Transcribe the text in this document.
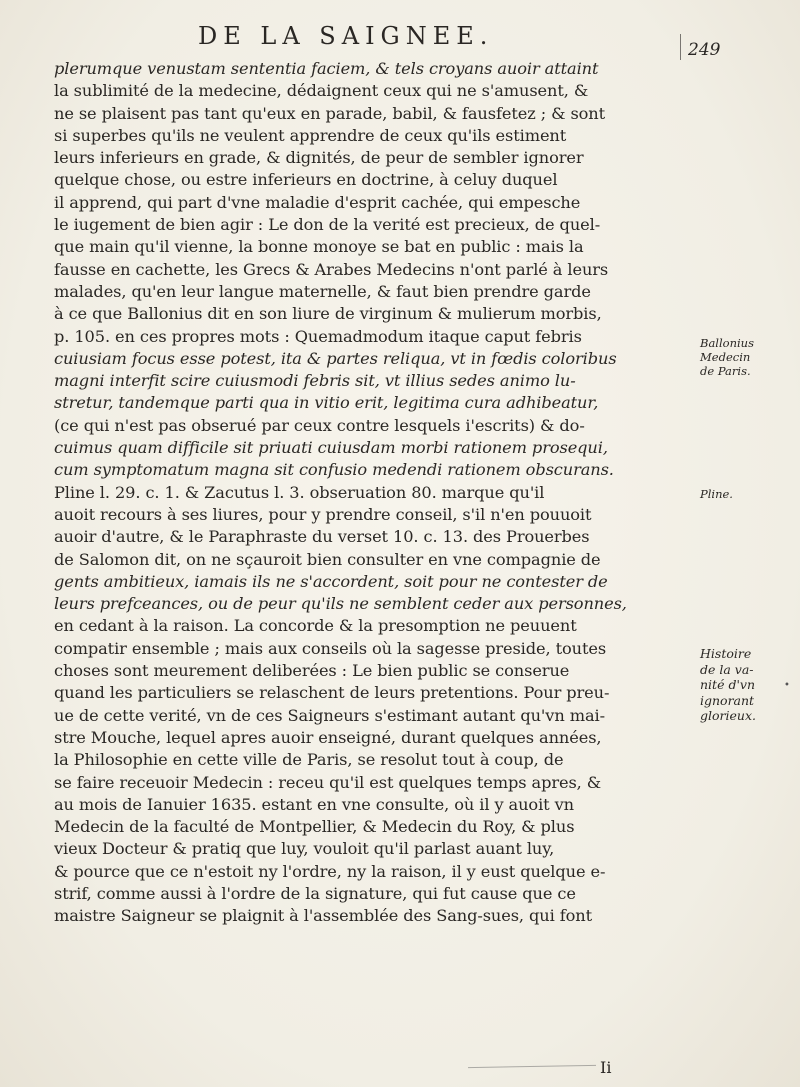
DE LA SAIGNEE.	249
plerumque venustam sententia faciem, & tels croyans auoir attaint
la sublimité de la medecine, dédaignent ceux qui ne s'amusent, &
ne se plaisent pas tant qu'eux en parade, babil, & fausfetez ; & sont
si superbes qu'ils ne veulent apprendre de ceux qu'ils estiment
leurs inferieurs en grade, & dignités, de peur de sembler ignorer
quelque chose, ou estre inferieurs en doctrine, à celuy duquel
il apprend, qui part d'vne maladie d'esprit cachée, qui empesche
le iugement de bien agir : Le don de la verité est precieux, de quel-
que main qu'il vienne, la bonne monoye se bat en public : mais la
fausse en cachette, les Grecs & Arabes Medecins n'ont parlé à leurs
malades, qu'en leur langue maternelle, & faut bien prendre garde
à ce que Ballonius dit en son liure de virginum & mulierum morbis,
p. 105. en ces propres mots : Quemadmodum itaque caput febris
cuiusiam focus esse potest, ita & partes reliqua, vt in fœdis coloribus
magni interfit scire cuiusmodi febris sit, vt illius sedes animo lu-
stretur, tandemque parti qua in vitio erit, legitima cura adhibeatur,
(ce qui n'est pas obserué par ceux contre lesquels i'escrits) & do-
cuimus quam difficile sit priuati cuiusdam morbi rationem prosequi,
cum symptomatum magna sit confusio medendi rationem obscurans.
Pline l. 29. c. 1. & Zacutus l. 3. obseruation 80. marque qu'il
auoit recours à ses liures, pour y prendre conseil, s'il n'en pouuoit
auoir d'autre, & le Paraphraste du verset 10. c. 13. des Prouerbes
de Salomon dit, on ne sçauroit bien consulter en vne compagnie de
gents ambitieux, iamais ils ne s'accordent, soit pour ne contester de
leurs prefceances, ou de peur qu'ils ne semblent ceder aux personnes,
en cedant à la raison. La concorde & la presomption ne peuuent
compatir ensemble ; mais aux conseils où la sagesse preside, toutes
choses sont meurement deliberées : Le bien public se conserue
quand les particuliers se relaschent de leurs pretentions. Pour preu-
ue de cette verité, vn de ces Saigneurs s'estimant autant qu'vn mai-
stre Mouche, lequel apres auoir enseigné, durant quelques années,
la Philosophie en cette ville de Paris, se resolut tout à coup, de
se faire receuoir Medecin : receu qu'il est quelques temps apres, &
au mois de Ianuier 1635. estant en vne consulte, où il y auoit vn
Medecin de la faculté de Montpellier, & Medecin du Roy, & plus
vieux Docteur & pratiq que luy, vouloit qu'il parlast auant luy,
& pource que ce n'estoit ny l'ordre, ny la raison, il y eust quelque e-
strif, comme aussi à l'ordre de la signature, qui fut cause que ce
maistre Saigneur se plaignit à l'assemblée des Sang-sues, qui font
Ballonius
Medecin
de Paris.
Pline.
•
Histoire
de la va-
nité d'vn
ignorant
glorieux.
Ii
